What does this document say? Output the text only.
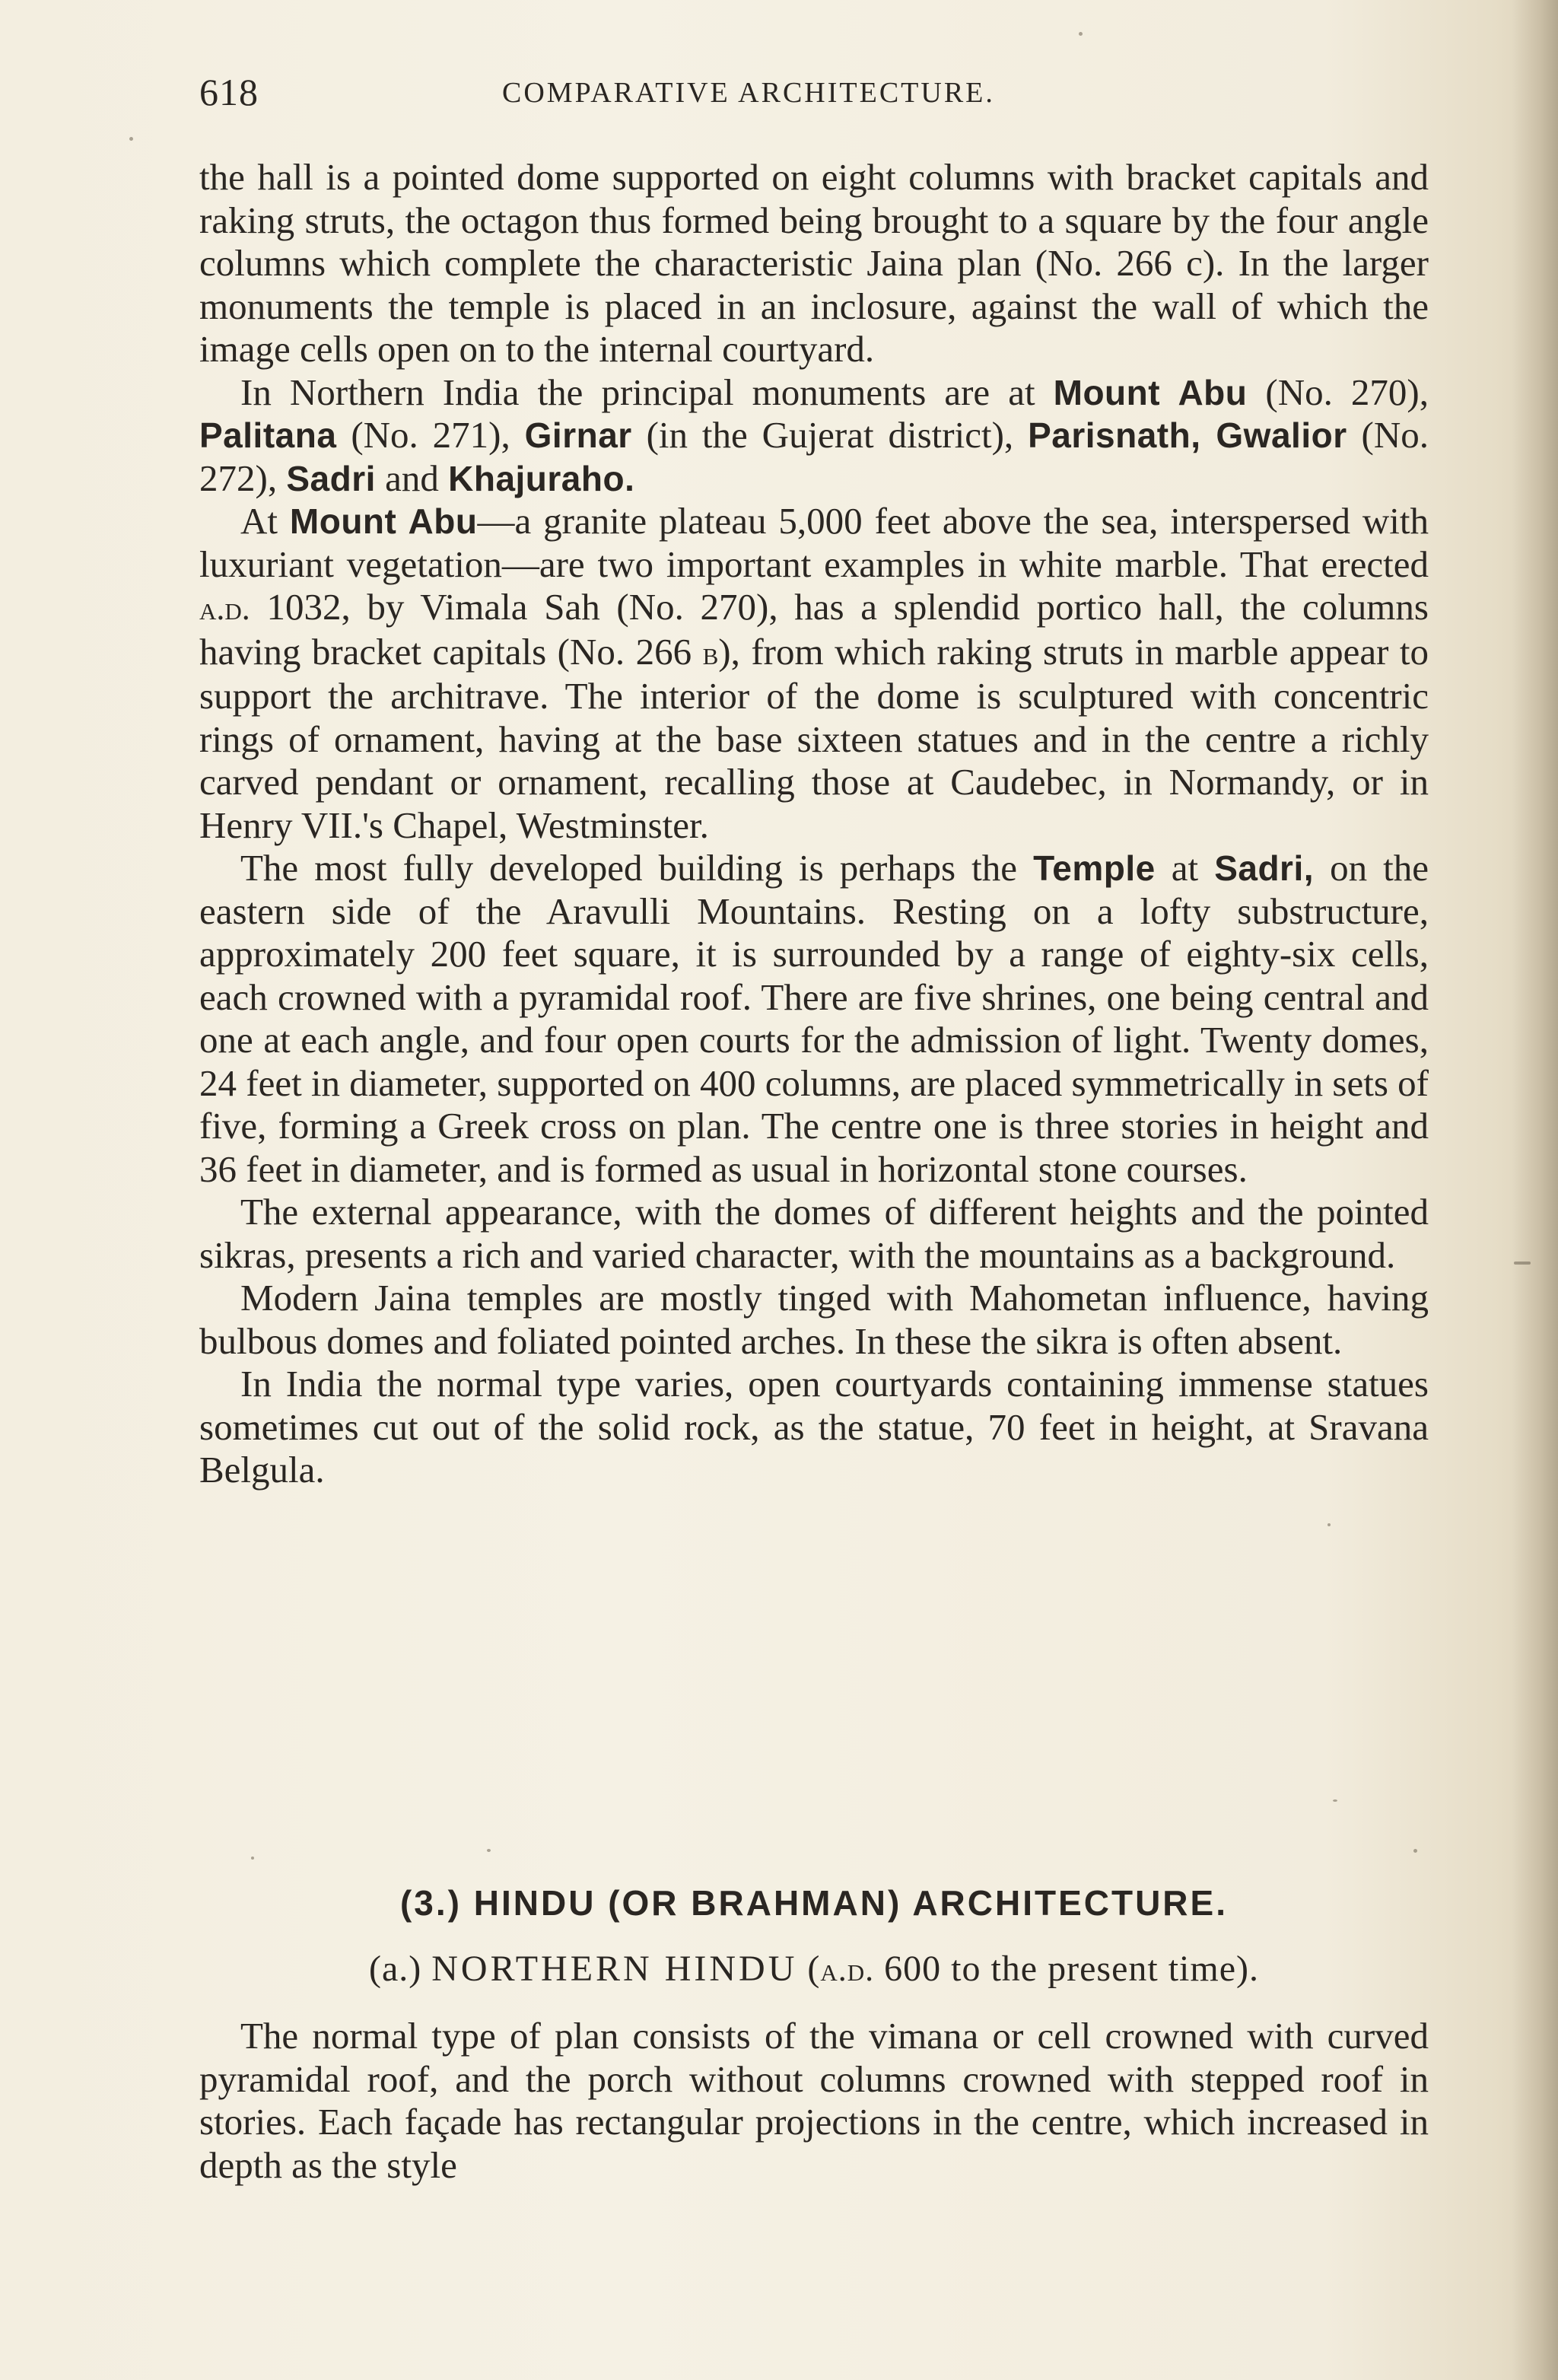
618	COMPARATIVE ARCHITECTURE.

the hall is a pointed dome supported on eight columns with bracket capitals and raking struts, the octagon thus formed being brought to a square by the four angle columns which complete the characteristic Jaina plan (No. 266 c). In the larger monuments the temple is placed in an inclosure, against the wall of which the image cells open on to the internal courtyard.

In Northern India the principal monuments are at Mount Abu (No. 270), Palitana (No. 271), Girnar (in the Gujerat district), Parisnath, Gwalior (No. 272), Sadri and Khajuraho.

At Mount Abu—a granite plateau 5,000 feet above the sea, interspersed with luxuriant vegetation—are two important examples in white marble. That erected a.d. 1032, by Vimala Sah (No. 270), has a splendid portico hall, the columns having bracket capitals (No. 266 b), from which raking struts in marble appear to support the architrave. The interior of the dome is sculptured with concentric rings of ornament, having at the base sixteen statues and in the centre a richly carved pendant or ornament, recalling those at Caudebec, in Normandy, or in Henry VII.'s Chapel, Westminster.

The most fully developed building is perhaps the Temple at Sadri, on the eastern side of the Aravulli Mountains. Resting on a lofty substructure, approximately 200 feet square, it is surrounded by a range of eighty-six cells, each crowned with a pyramidal roof. There are five shrines, one being central and one at each angle, and four open courts for the admission of light. Twenty domes, 24 feet in diameter, supported on 400 columns, are placed symmetrically in sets of five, forming a Greek cross on plan. The centre one is three stories in height and 36 feet in diameter, and is formed as usual in horizontal stone courses.

The external appearance, with the domes of different heights and the pointed sikras, presents a rich and varied character, with the mountains as a background.

Modern Jaina temples are mostly tinged with Mahometan influence, having bulbous domes and foliated pointed arches. In these the sikra is often absent.

In India the normal type varies, open courtyards containing immense statues sometimes cut out of the solid rock, as the statue, 70 feet in height, at Sravana Belgula.

(3.) HINDU (OR BRAHMAN) ARCHITECTURE.
(a.) NORTHERN HINDU (a.d. 600 to the present time).

The normal type of plan consists of the vimana or cell crowned with curved pyramidal roof, and the porch without columns crowned with stepped roof in stories. Each façade has rectangular projections in the centre, which increased in depth as the style
